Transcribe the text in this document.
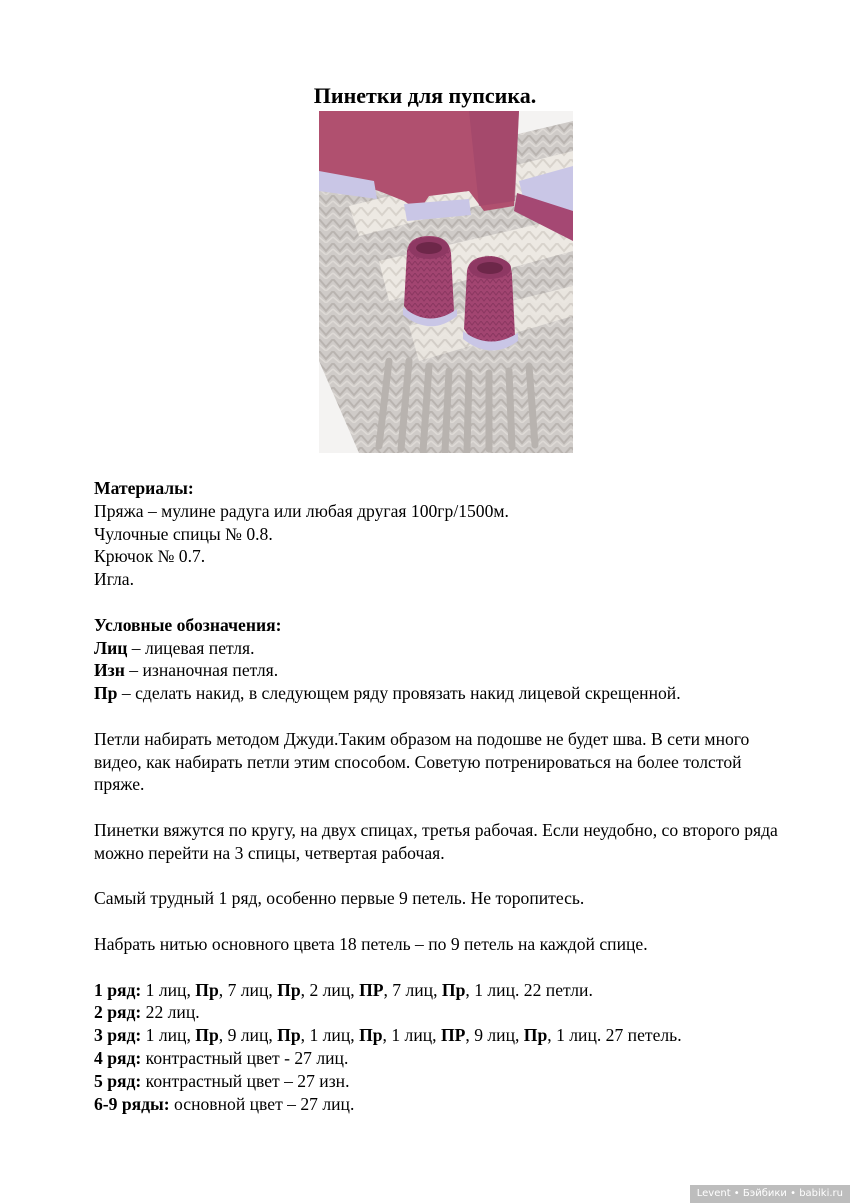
Пинетки для пупсика.

Материалы:

Пряжа – мулине радуга или любая другая 100гр/1500м.

Чулочные спицы № 0.8.

Крючок № 0.7.

Игла.

Условные обозначения:

Лиц – лицевая петля.

Изн – изнаночная петля.

Пр – сделать накид, в следующем ряду провязать накид лицевой скрещенной.

Петли набирать методом Джуди.Таким образом на подошве не будет шва. В сети много видео, как набирать петли этим способом. Советую потренироваться на более толстой пряже.

Пинетки вяжутся по кругу, на двух спицах, третья рабочая. Если неудобно, со второго ряда можно перейти на 3 спицы, четвертая рабочая.

Самый трудный 1 ряд, особенно первые 9 петель. Не торопитесь.

Набрать нитью основного цвета 18 петель – по 9 петель на каждой спице.

1 ряд: 1 лиц, Пр, 7 лиц, Пр, 2 лиц, ПР, 7 лиц, Пр, 1 лиц. 22 петли.

2 ряд: 22 лиц.

3 ряд: 1 лиц, Пр, 9 лиц, Пр, 1 лиц, Пр, 1 лиц, ПР, 9 лиц, Пр, 1 лиц. 27 петель.

4 ряд: контрастный цвет - 27 лиц.

5 ряд: контрастный цвет – 27 изн.

6-9 ряды: основной цвет – 27 лиц.

Levent • Бэйбики • babiki.ru
